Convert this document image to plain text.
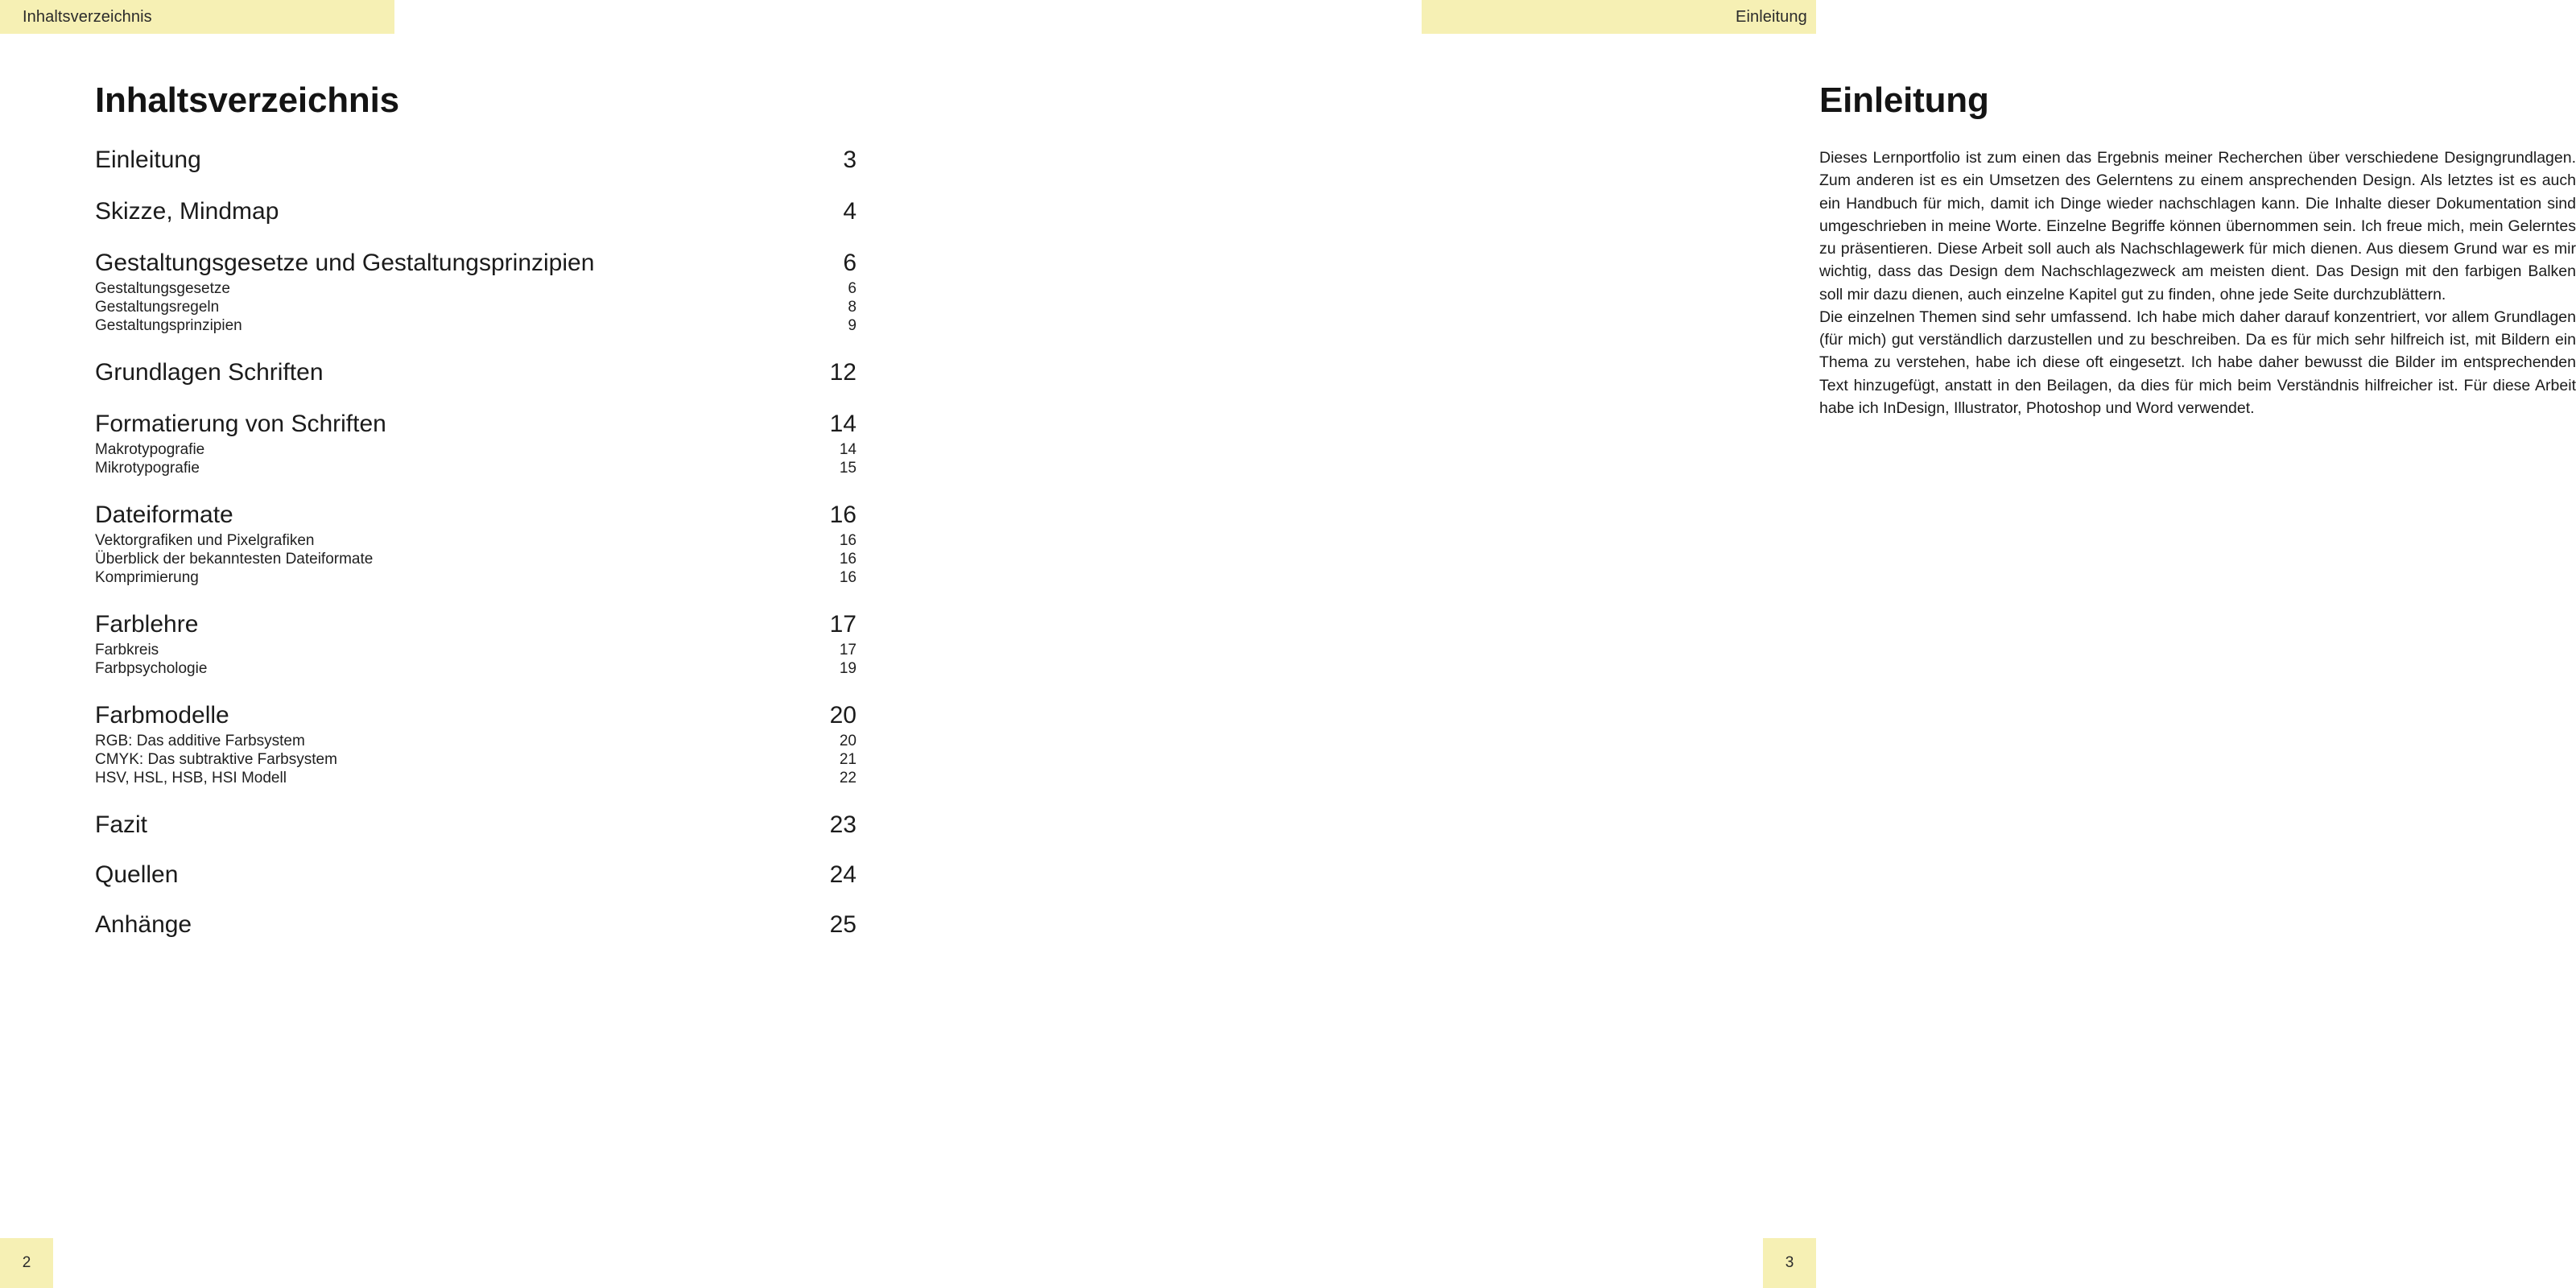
Inhaltsverzeichnis	Einleitung
Inhaltsverzeichnis
Einleitung	3
Skizze, Mindmap	4
Gestaltungsgesetze und Gestaltungsprinzipien	6
Gestaltungsgesetze	6
Gestaltungsregeln	8
Gestaltungsprinzipien	9
Grundlagen Schriften	12
Formatierung von Schriften	14
Makrotypografie	14
Mikrotypografie	15
Dateiformate	16
Vektorgrafiken und Pixelgrafiken	16
Überblick der bekanntesten Dateiformate	16
Komprimierung	16
Farblehre	17
Farbkreis	17
Farbpsychologie	19
Farbmodelle	20
RGB: Das additive Farbsystem	20
CMYK: Das subtraktive Farbsystem	21
HSV, HSL, HSB, HSI Modell	22
Fazit	23
Quellen	24
Anhänge	25
Einleitung

Dieses Lernportfolio ist zum einen das Ergebnis meiner Recherchen über verschiedene Designgrundlagen. Zum anderen ist es ein Umsetzen des Gelerntens zu einem ansprechenden Design. Als letztes ist es auch ein Handbuch für mich, damit ich Dinge wieder nachschlagen kann. Die Inhalte dieser Dokumentation sind umgeschrieben in meine Worte. Einzelne Begriffe können übernommen sein. Ich freue mich, mein Gelerntes zu präsentieren. Diese Arbeit soll auch als Nachschlagewerk für mich dienen. Aus diesem Grund war es mir wichtig, dass das Design dem Nachschlagezweck am meisten dient. Das Design mit den farbigen Balken soll mir dazu dienen, auch einzelne Kapitel gut zu finden, ohne jede Seite durchzublättern.

Die einzelnen Themen sind sehr umfassend. Ich habe mich daher darauf konzentriert, vor allem Grundlagen (für mich) gut verständlich darzustellen und zu beschreiben. Da es für mich sehr hilfreich ist, mit Bildern ein Thema zu verstehen, habe ich diese oft eingesetzt. Ich habe daher bewusst die Bilder im entsprechenden Text hinzugefügt, anstatt in den Beilagen, da dies für mich beim Verständnis hilfreicher ist. Für diese Arbeit habe ich InDesign, Illustrator, Photoshop und Word verwendet.

2	3
